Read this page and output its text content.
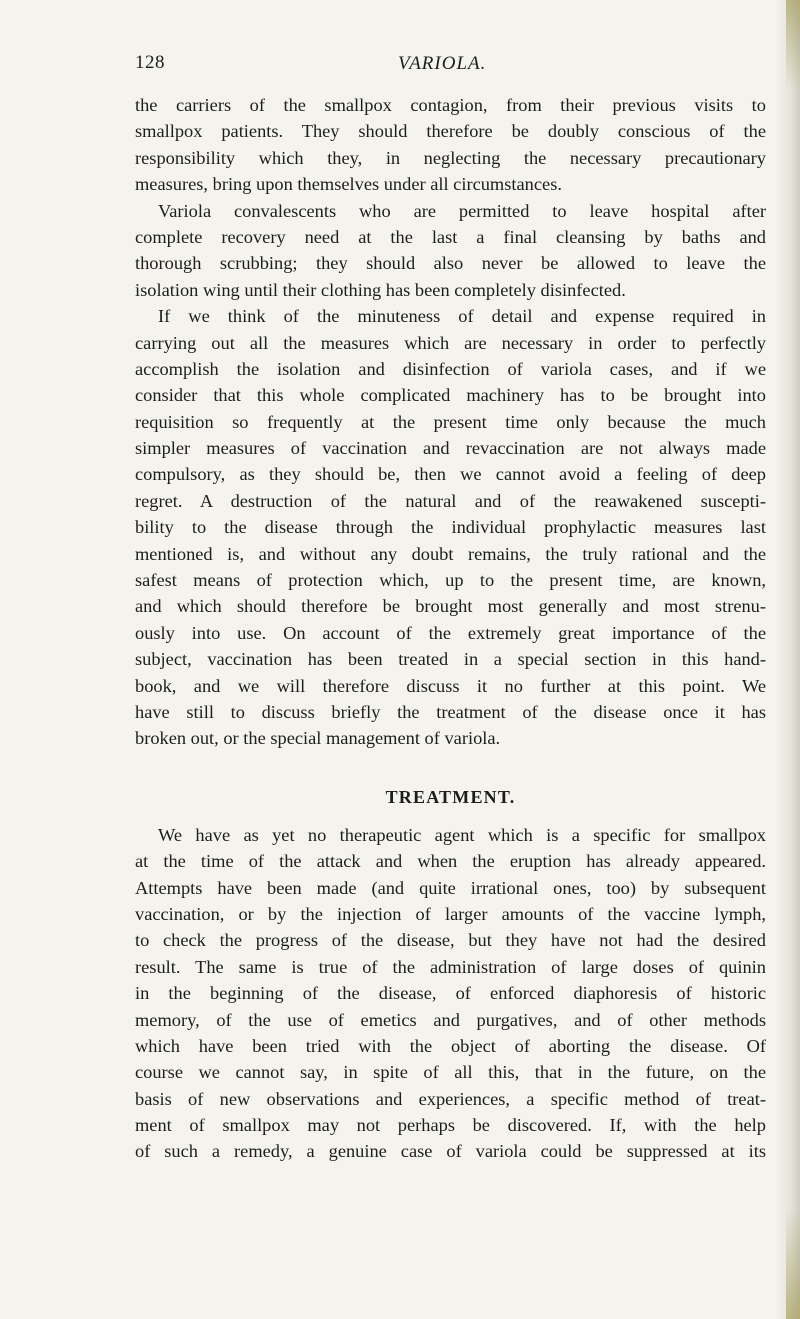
128	VARIOLA.
the carriers of the smallpox contagion, from their previous visits to
smallpox patients. They should therefore be doubly conscious of the
responsibility which they, in neglecting the necessary precautionary
measures, bring upon themselves under all circumstances.
Variola convalescents who are permitted to leave hospital after
complete recovery need at the last a final cleansing by baths and
thorough scrubbing; they should also never be allowed to leave the
isolation wing until their clothing has been completely disinfected.
If we think of the minuteness of detail and expense required in
carrying out all the measures which are necessary in order to perfectly
accomplish the isolation and disinfection of variola cases, and if we
consider that this whole complicated machinery has to be brought into
requisition so frequently at the present time only because the much
simpler measures of vaccination and revaccination are not always made
compulsory, as they should be, then we cannot avoid a feeling of deep
regret. A destruction of the natural and of the reawakened suscepti-
bility to the disease through the individual prophylactic measures last
mentioned is, and without any doubt remains, the truly rational and the
safest means of protection which, up to the present time, are known,
and which should therefore be brought most generally and most strenu-
ously into use. On account of the extremely great importance of the
subject, vaccination has been treated in a special section in this hand-
book, and we will therefore discuss it no further at this point. We
have still to discuss briefly the treatment of the disease once it has
broken out, or the special management of variola.
TREATMENT.
We have as yet no therapeutic agent which is a specific for smallpox
at the time of the attack and when the eruption has already appeared.
Attempts have been made (and quite irrational ones, too) by subsequent
vaccination, or by the injection of larger amounts of the vaccine lymph,
to check the progress of the disease, but they have not had the desired
result. The same is true of the administration of large doses of quinin
in the beginning of the disease, of enforced diaphoresis of historic
memory, of the use of emetics and purgatives, and of other methods
which have been tried with the object of aborting the disease. Of
course we cannot say, in spite of all this, that in the future, on the
basis of new observations and experiences, a specific method of treat-
ment of smallpox may not perhaps be discovered. If, with the help
of such a remedy, a genuine case of variola could be suppressed at its
